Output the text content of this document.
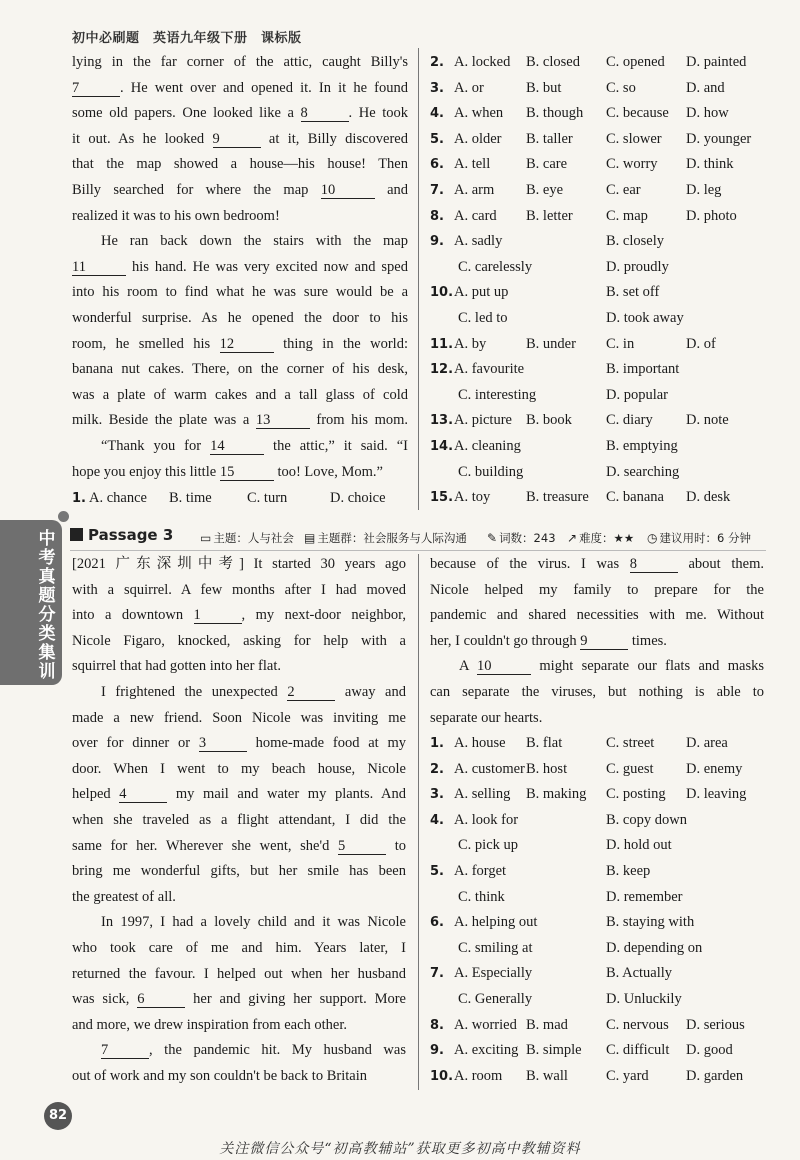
初中必刷题　英语九年级下册　课标版
lying in the far corner of the attic, caught Billy's
7	. He went over and opened it. In it he found
some old papers. One looked like a 8	. He took
it out. As he looked 9	at it, Billy discovered
that the map showed a house—his house! Then
Billy searched for where the map 10	and
realized it was to his own bedroom!
He ran back down the stairs with the map
11	his hand. He was very excited now and sped
into his room to find what he was sure would be a
wonderful surprise. As he opened the door to his
room, he smelled his 12	thing in the world:
banana nut cakes. There, on the corner of his desk,
was a plate of warm cakes and a tall glass of cold
milk. Beside the plate was a 13	from his mom.
“Thank you for 14	the attic,” it said. “I
hope you enjoy this little 15	too! Love, Mom.”
1. A. chance B. time C. turn	D. choice
2. A. locked B. closed C. opened D. painted
3. A. or	B. but	C. so	D. and
4. A. when B. though C. because D. how
5. A. older B. taller C. slower D. younger
6. A. tell B. care	C. worry D. think
7. A. arm B. eye	C. ear	D. leg
8. A. card B. letter C. map	D. photo
9. A. sadly	B. closely
C. carelessly	D. proudly
10. A. put up	B. set off
C. led to	D. took away
11. A. by	B. under C. in	D. of
12. A. favourite	B. important
C. interesting	D. popular
13. A. picture B. book C. diary D. note
14. A. cleaning	B. emptying
C. building	D. searching
15. A. toy B. treasure C. banana D. desk
中
考
真
题
分
类
集
训
Passage 3 ▭ 主题：人与社会 ▤ 主题群：社会服务与人际沟通 ✎ 词数：243 ↗ 难度：★★ ◷ 建议用时：6 分钟
[2021 广东深圳中考] It started 30 years ago
with a squirrel. A few months after I had moved
into a downtown 1	, my next-door neighbor,
Nicole Figaro, knocked, asking for help with a
squirrel that had gotten into her flat.
I frightened the unexpected 2	away and
made a new friend. Soon Nicole was inviting me
over for dinner or 3	home-made food at my
door. When I went to my beach house, Nicole
helped 4	my mail and water my plants. And
when she traveled as a flight attendant, I did the
same for her. Wherever she went, she'd 5	to
bring me wonderful gifts, but her smile has been
the greatest of all.
In 1997, I had a lovely child and it was Nicole
who took care of me and him. Years later, I
returned the favour. I helped out when her husband
was sick, 6	her and giving her support. More
and more, we drew inspiration from each other.
7	, the pandemic hit. My husband was
out of work and my son couldn't be back to Britain
because of the virus. I was 8	about them.
Nicole helped my family to prepare for the
pandemic and shared necessities with me. Without
her, I couldn't go through 9	times.
A 10	might separate our flats and masks
can separate the viruses, but nothing is able to
separate our hearts.
1. A. house B. flat	C. street D. area
2. A. customer B. host	C. guest D. enemy
3. A. selling B. making C. posting D. leaving
4. A. look for	B. copy down
C. pick up	D. hold out
5. A. forget	B. keep
C. think	D. remember
6. A. helping out	B. staying with
C. smiling at	D. depending on
7. A. Especially	B. Actually
C. Generally	D. Unluckily
8. A. worried B. mad	C. nervous D. serious
9. A. exciting B. simple C. difficult D. good
10. A. room B. wall	C. yard	D. garden
82
关注微信公众号“初高教辅站”获取更多初高中教辅资料
